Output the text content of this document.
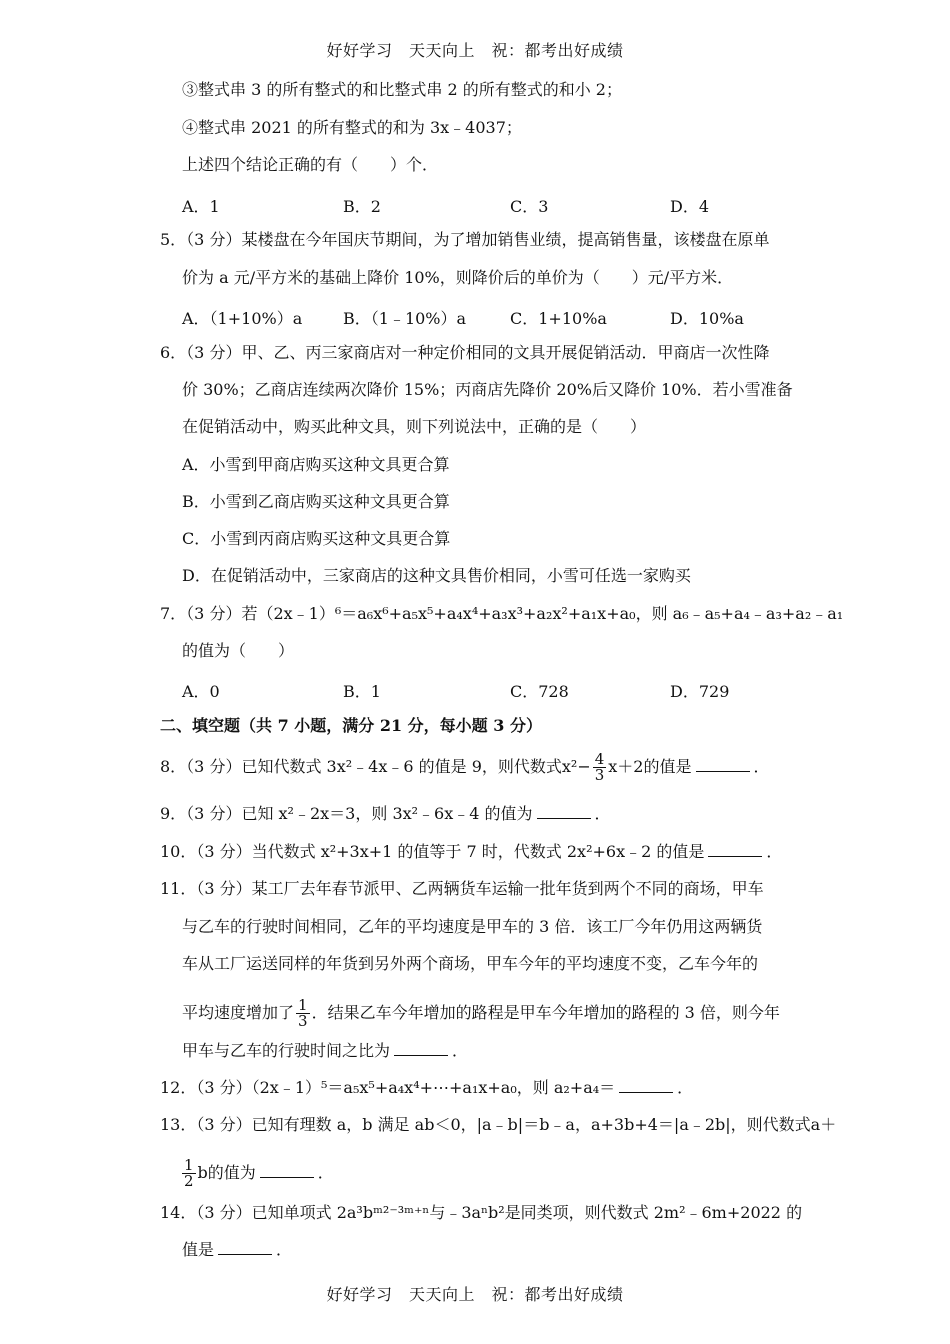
好好学习　天天向上　祝：都考出好成绩
③整式串 3 的所有整式的和比整式串 2 的所有整式的和小 2；
④整式串 2021 的所有整式的和为 3x﹣4037；
上述四个结论正确的有（　　）个．
A．1	B．2	C．3	D．4
5．（3 分）某楼盘在今年国庆节期间，为了增加销售业绩，提高销售量，该楼盘在原单
价为 a 元/平方米的基础上降价 10%，则降价后的单价为（　　）元/平方米．
A．（1+10%）a	B．（1﹣10%）a	C．1+10%a	D．10%a
6．（3 分）甲、乙、丙三家商店对一种定价相同的文具开展促销活动．甲商店一次性降
价 30%；乙商店连续两次降价 15%；丙商店先降价 20%后又降价 10%．若小雪准备
在促销活动中，购买此种文具，则下列说法中，正确的是（　　）
A．小雪到甲商店购买这种文具更合算
B．小雪到乙商店购买这种文具更合算
C．小雪到丙商店购买这种文具更合算
D．在促销活动中，三家商店的这种文具售价相同，小雪可任选一家购买
7．（3 分）若（2x﹣1）⁶＝a₆x⁶+a₅x⁵+a₄x⁴+a₃x³+a₂x²+a₁x+a₀，则 a₆﹣a₅+a₄﹣a₃+a₂﹣a₁
的值为（　　）
A．0	B．1	C．728	D．729
二、填空题（共 7 小题，满分 21 分，每小题 3 分）
8．（3 分）已知代数式 3x²﹣4x﹣6 的值是 9，则代数式$x^2- \frac{4}{3} x+2$的值是	．
9．（3 分）已知 x²﹣2x＝3，则 3x²﹣6x﹣4 的值为	．
10．（3 分）当代数式 x²+3x+1 的值等于 7 时，代数式 2x²+6x﹣2 的值是	．
11．（3 分）某工厂去年春节派甲、乙两辆货车运输一批年货到两个不同的商场，甲车
与乙车的行驶时间相同，乙年的平均速度是甲车的 3 倍．该工厂今年仍用这两辆货
车从工厂运送同样的年货到另外两个商场，甲车今年的平均速度不变，乙车今年的
平均速度增加了 $\frac{1}{3}$ ．结果乙车今年增加的路程是甲车今年增加的路程的 3 倍，则今年
甲车与乙车的行驶时间之比为	．
12．（3 分）（2x﹣1）⁵＝a₅x⁵+a₄x⁴+⋯+a₁x+a₀，则 a₂+a₄＝	．
13．（3 分）已知有理数 a，b 满足 ab＜0，|a﹣b|＝b﹣a，a+3b+4＝|a﹣2b|，则代数式a＋
$\frac{1}{2}$ b的值为	．
14．（3 分）已知单项式 2a³bᵐ²⁻³ᵐ⁺ⁿ与﹣3aⁿb²是同类项，则代数式 2m²﹣6m+2022 的
值是	．
好好学习　天天向上　祝：都考出好成绩
